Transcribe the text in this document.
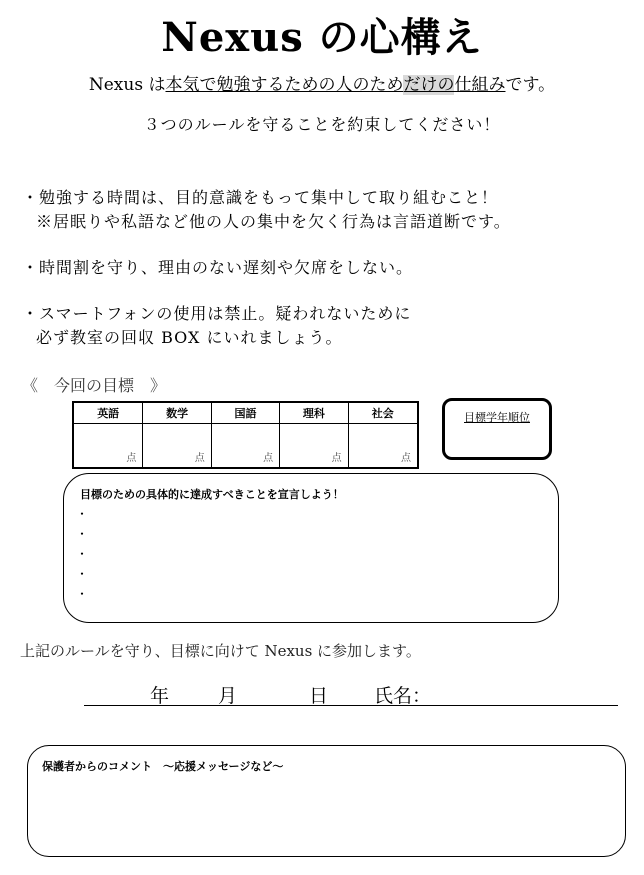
Nexus の心構え
Nexus は本気で勉強するための人のためだけの仕組みです。
３つのルールを守ることを約束してください！
・勉強する時間は、目的意識をもって集中して取り組むこと！
※居眠りや私語など他の人の集中を欠く行為は言語道断です。
・時間割を守り、理由のない遅刻や欠席をしない。
・スマートフォンの使用は禁止。疑われないために
必ず教室の回収 BOX にいれましょう。
《　今回の目標　》
英語	数学	国語	理科	社会
点	点	点	点	点
目標学年順位
目標のための具体的に達成すべきことを宣言しよう！
・
・
・
・
・
上記のルールを守り、目標に向けて Nexus に参加します。
年	月	日 氏名：
保護者からのコメント　～応援メッセージなど～
